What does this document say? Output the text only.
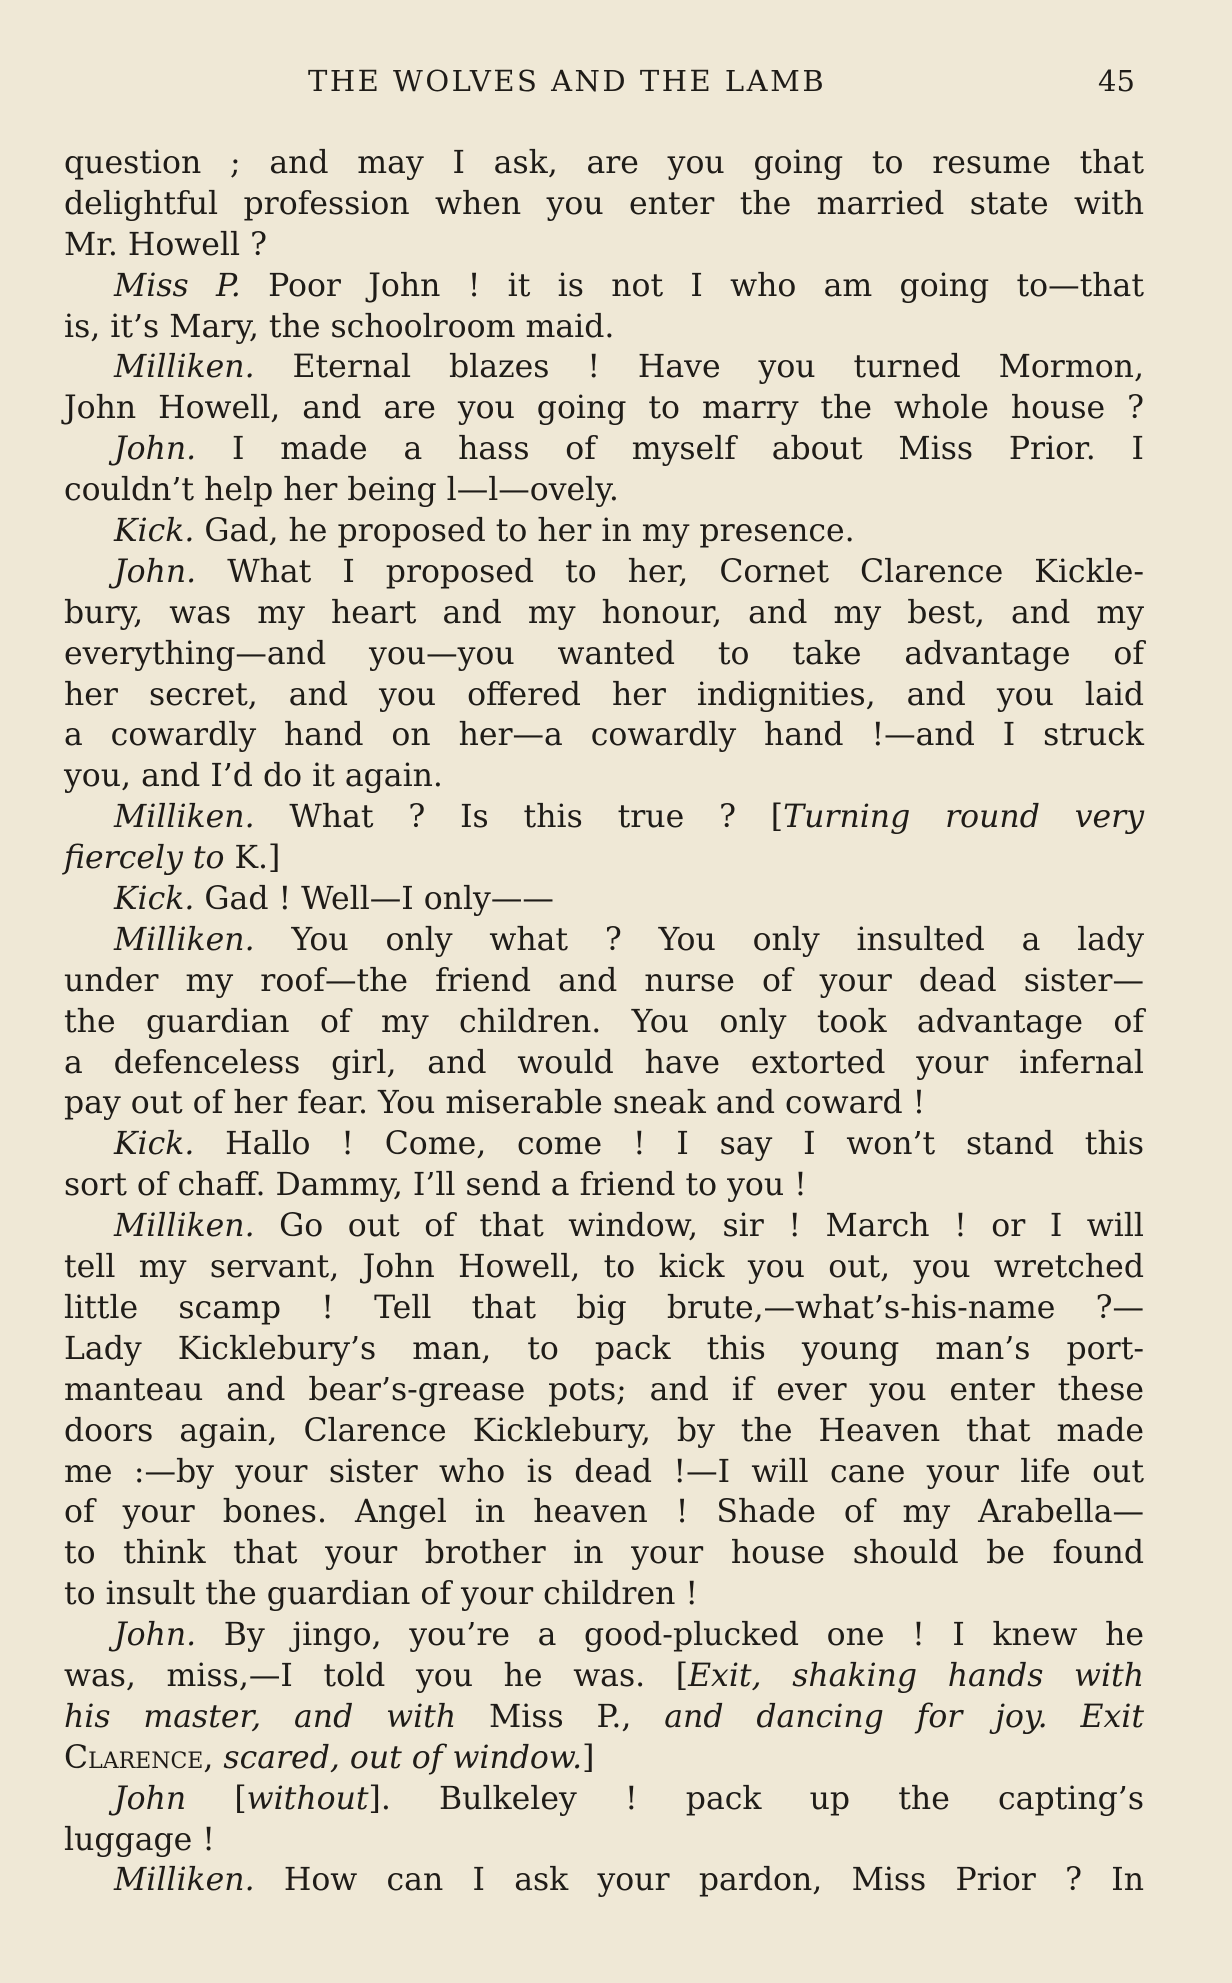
THE WOLVES AND THE LAMB	45
question ; and may I ask, are you going to resume that
delightful profession when you enter the married state with
Mr. Howell ?
Miss P. Poor John ! it is not I who am going to—that
is, it’s Mary, the schoolroom maid.
Milliken. Eternal blazes ! Have you turned Mormon,
John Howell, and are you going to marry the whole house ?
John. I made a hass of myself about Miss Prior. I
couldn’t help her being l—l—ovely.
Kick. Gad, he proposed to her in my presence.
John. What I proposed to her, Cornet Clarence Kickle-
bury, was my heart and my honour, and my best, and my
everything—and you—you wanted to take advantage of
her secret, and you offered her indignities, and you laid
a cowardly hand on her—a cowardly hand !—and I struck
you, and I’d do it again.
Milliken. What ? Is this true ? [Turning round very
fiercely to K.]
Kick. Gad ! Well—I only——
Milliken. You only what ? You only insulted a lady
under my roof—the friend and nurse of your dead sister—
the guardian of my children. You only took advantage of
a defenceless girl, and would have extorted your infernal
pay out of her fear. You miserable sneak and coward !
Kick. Hallo ! Come, come ! I say I won’t stand this
sort of chaff. Dammy, I’ll send a friend to you !
Milliken. Go out of that window, sir ! March ! or I will
tell my servant, John Howell, to kick you out, you wretched
little scamp ! Tell that big brute,—what’s-his-name ?—
Lady Kicklebury’s man, to pack this young man’s port-
manteau and bear’s-grease pots; and if ever you enter these
doors again, Clarence Kicklebury, by the Heaven that made
me :—by your sister who is dead !—I will cane your life out
of your bones. Angel in heaven ! Shade of my Arabella—
to think that your brother in your house should be found
to insult the guardian of your children !
John. By jingo, you’re a good-plucked one ! I knew he
was, miss,—I told you he was. [Exit, shaking hands with
his master, and with Miss P., and dancing for joy. Exit
Clarence, scared, out of window.]
John [without]. Bulkeley ! pack up the capting’s
luggage !
Milliken. How can I ask your pardon, Miss Prior ? In
